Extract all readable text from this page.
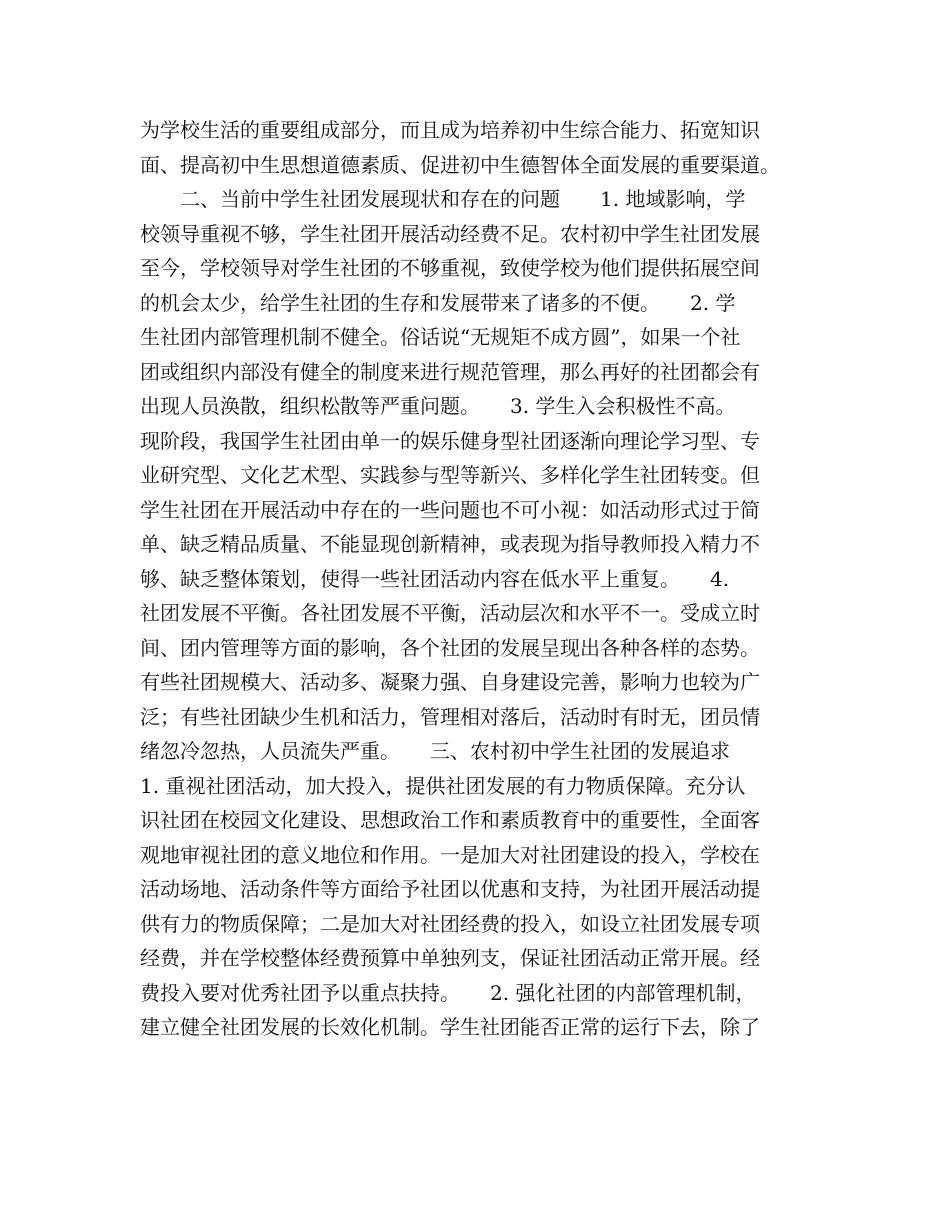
为学校生活的重要组成部分，而且成为培养初中生综合能力、拓宽知识
面、提高初中生思想道德素质、促进初中生德智体全面发展的重要渠道。
　　二、当前中学生社团发展现状和存在的问题　　1. 地域影响，学
校领导重视不够，学生社团开展活动经费不足。农村初中学生社团发展
至今，学校领导对学生社团的不够重视，致使学校为他们提供拓展空间
的机会太少，给学生社团的生存和发展带来了诸多的不便。　　2. 学
生社团内部管理机制不健全。俗话说“无规矩不成方圆”，如果一个社
团或组织内部没有健全的制度来进行规范管理，那么再好的社团都会有
出现人员涣散，组织松散等严重问题。　　3. 学生入会积极性不高。
现阶段，我国学生社团由单一的娱乐健身型社团逐渐向理论学习型、专
业研究型、文化艺术型、实践参与型等新兴、多样化学生社团转变。但
学生社团在开展活动中存在的一些问题也不可小视：如活动形式过于简
单、缺乏精品质量、不能显现创新精神，或表现为指导教师投入精力不
够、缺乏整体策划，使得一些社团活动内容在低水平上重复。　　4.
社团发展不平衡。各社团发展不平衡，活动层次和水平不一。受成立时
间、团内管理等方面的影响，各个社团的发展呈现出各种各样的态势。
有些社团规模大、活动多、凝聚力强、自身建设完善，影响力也较为广
泛；有些社团缺少生机和活力，管理相对落后，活动时有时无，团员情
绪忽冷忽热，人员流失严重。　　三、农村初中学生社团的发展追求
1. 重视社团活动，加大投入，提供社团发展的有力物质保障。充分认
识社团在校园文化建设、思想政治工作和素质教育中的重要性，全面客
观地审视社团的意义地位和作用。一是加大对社团建设的投入，学校在
活动场地、活动条件等方面给予社团以优惠和支持，为社团开展活动提
供有力的物质保障；二是加大对社团经费的投入，如设立社团发展专项
经费，并在学校整体经费预算中单独列支，保证社团活动正常开展。经
费投入要对优秀社团予以重点扶持。　　2. 强化社团的内部管理机制，
建立健全社团发展的长效化机制。学生社团能否正常的运行下去，除了
